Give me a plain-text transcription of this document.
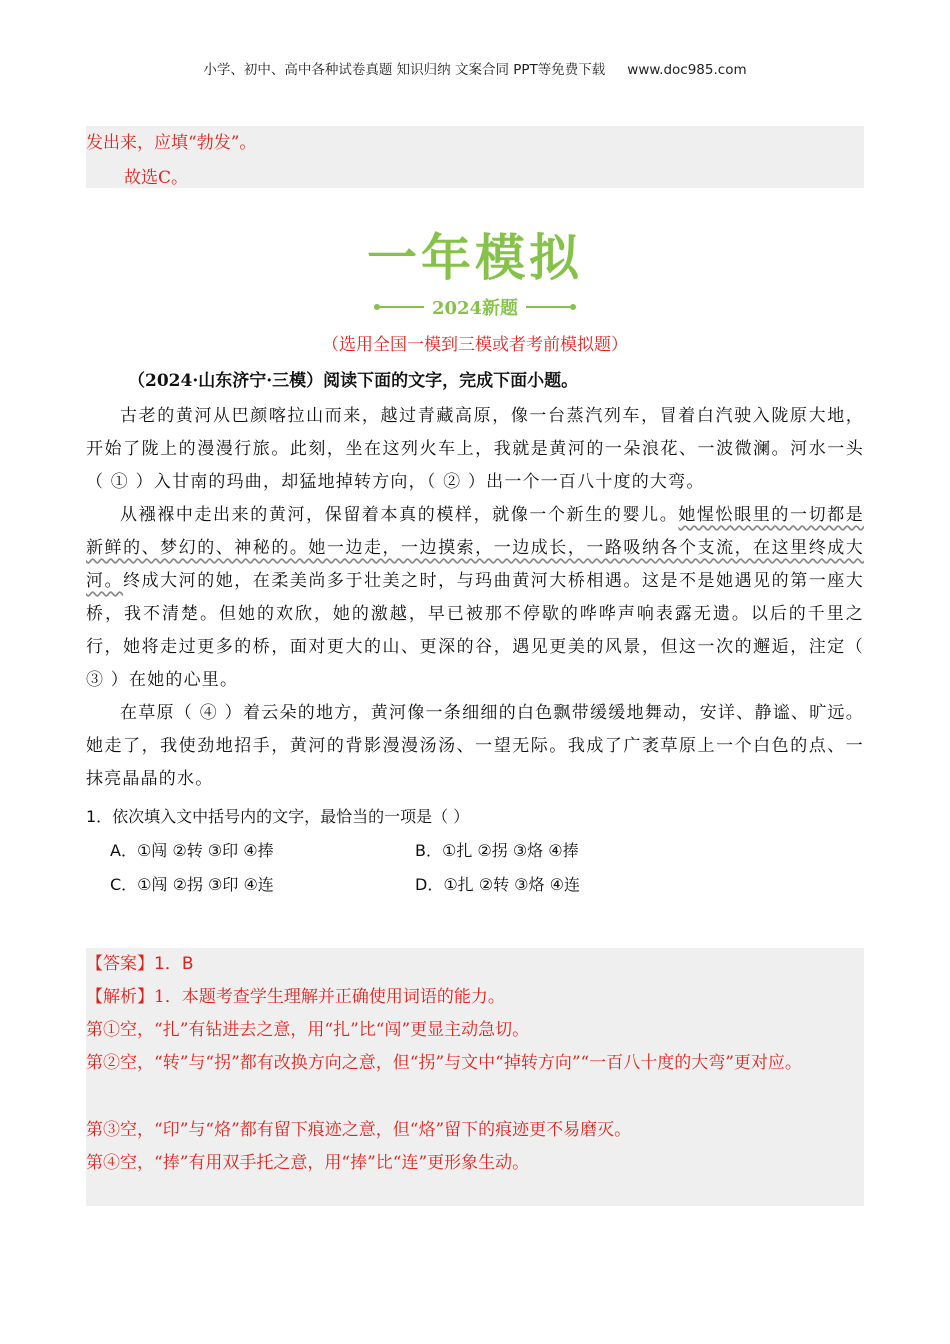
小学、初中、高中各种试卷真题 知识归纳 文案合同 PPT等免费下载 www.doc985.com

发出来，应填“勃发”。

故选C。

一年模拟
2024新题
（选用全国一模到三模或者考前模拟题）
（2024·山东济宁·三模）阅读下面的文字，完成下面小题。

古老的黄河从巴颜喀拉山而来，越过青藏高原，像一台蒸汽列车，冒着白汽驶入陇原大地，开始了陇上的漫漫行旅。此刻，坐在这列火车上，我就是黄河的一朵浪花、一波微澜。河水一头（ ① ）入甘南的玛曲，却猛地掉转方向，（ ② ）出一个一百八十度的大弯。

从襁褓中走出来的黄河，保留着本真的模样，就像一个新生的婴儿。她惺忪眼里的一切都是新鲜的、梦幻的、神秘的。她一边走，一边摸索，一边成长，一路吸纳各个支流，在这里终成大河。终成大河的她，在柔美尚多于壮美之时，与玛曲黄河大桥相遇。这是不是她遇见的第一座大桥，我不清楚。但她的欢欣，她的激越，早已被那不停歇的哗哗声响表露无遗。以后的千里之行，她将走过更多的桥，面对更大的山、更深的谷，遇见更美的风景，但这一次的邂逅，注定（ ③ ）在她的心里。

在草原（ ④ ）着云朵的地方，黄河像一条细细的白色飘带缓缓地舞动，安详、静谧、旷远。她走了，我使劲地招手，黄河的背影漫漫汤汤、一望无际。我成了广袤草原上一个白色的点、一抹亮晶晶的水。

1．依次填入文中括号内的文字，最恰当的一项是（ ）
A．①闯 ②转 ③印 ④捧	B．①扎 ②拐 ③烙 ④捧
C．①闯 ②拐 ③印 ④连	D．①扎 ②转 ③烙 ④连

【答案】1．B

【解析】1．本题考查学生理解并正确使用词语的能力。

第①空，“扎”有钻进去之意，用“扎”比“闯”更显主动急切。

第②空，“转”与“拐”都有改换方向之意，但“拐”与文中“掉转方向”“一百八十度的大弯”更对应。

第③空，“印”与“烙”都有留下痕迹之意，但“烙”留下的痕迹更不易磨灭。

第④空，“捧”有用双手托之意，用“捧”比“连”更形象生动。
